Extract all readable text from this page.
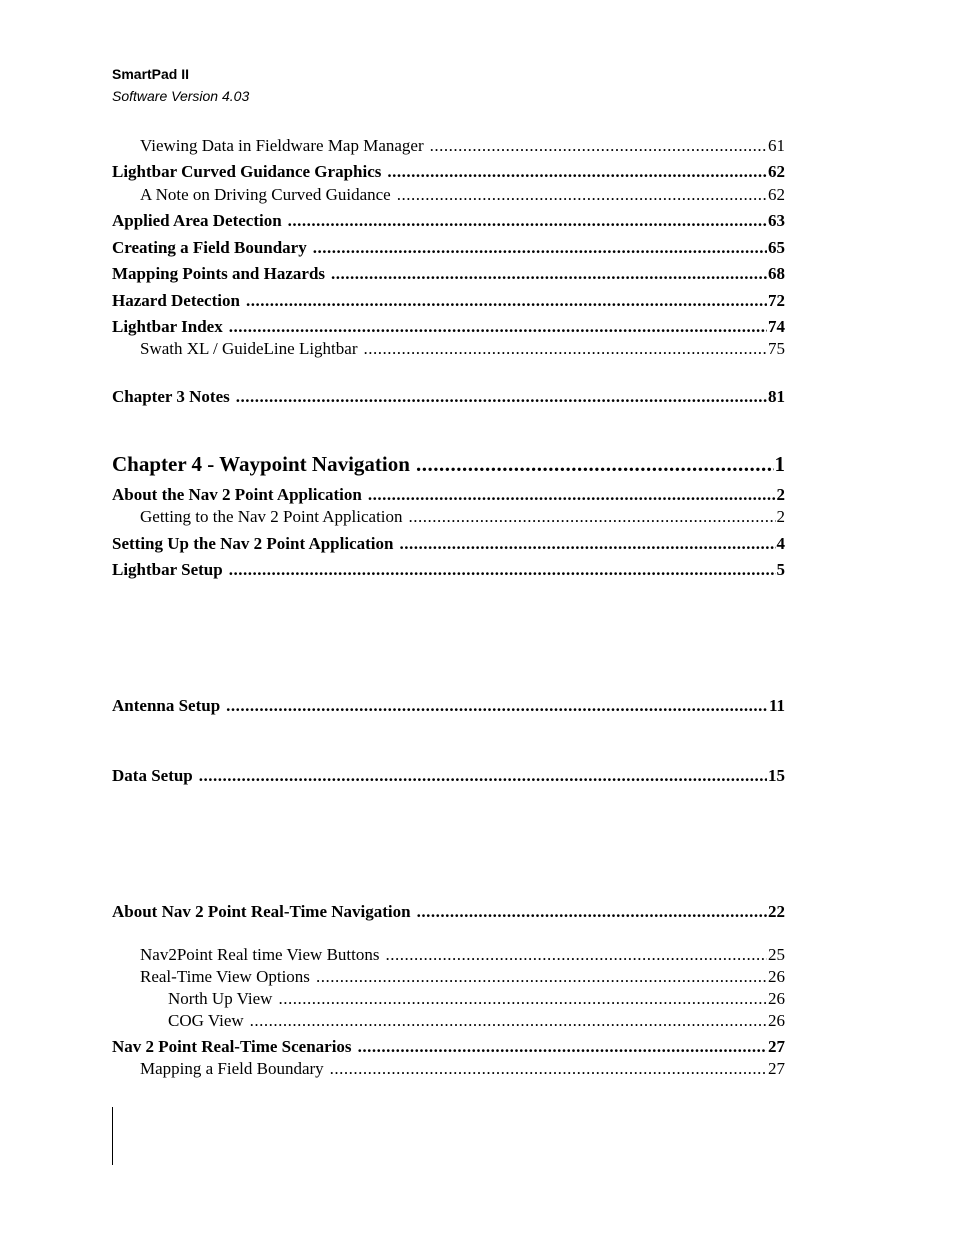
SmartPad II
Software Version 4.03
Viewing Data in Fieldware Map Manager .....	61
Lightbar Curved Guidance Graphics .....	62
A Note on Driving Curved Guidance .....	62
Applied Area Detection .....	63
Creating a Field Boundary .....	65
Mapping Points and Hazards .....	68
Hazard Detection .....	72
Lightbar Index .....	74
Swath XL / GuideLine Lightbar .....	75
Chapter 3 Notes .....	81
Chapter 4 - Waypoint Navigation .....	1
About the Nav 2 Point Application .....	2
Getting to the Nav 2 Point Application .....	2
Setting Up the Nav 2 Point Application .....	4
Lightbar Setup .....	5
Antenna Setup .....	11
Data Setup .....	15
About Nav 2 Point Real-Time Navigation .....	22
Nav2Point Real time View Buttons .....	25
Real-Time View Options .....	26
North Up View .....	26
COG View .....	26
Nav 2 Point Real-Time Scenarios .....	27
Mapping a Field Boundary .....	27
